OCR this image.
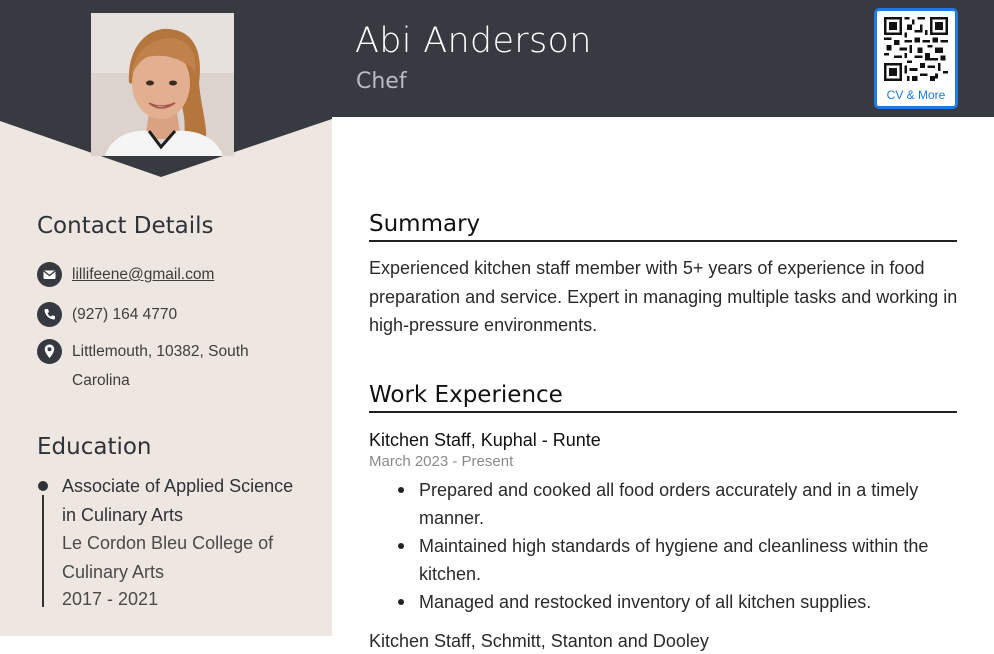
Abi Anderson
Chef
CV & More
Contact Details
lillifeene@gmail.com
(927) 164 4770
Littlemouth, 10382, South
Carolina
Education
Associate of Applied Science in Culinary Arts
Le Cordon Bleu College of Culinary Arts
2017 - 2021
Summary
Experienced kitchen staff member with 5+ years of experience in food preparation and service. Expert in managing multiple tasks and working in high-pressure environments.
Work Experience
Kitchen Staff, Kuphal - Runte
March 2023 - Present
Prepared and cooked all food orders accurately and in a timely manner.
Maintained high standards of hygiene and cleanliness within the kitchen.
Managed and restocked inventory of all kitchen supplies.
Kitchen Staff, Schmitt, Stanton and Dooley
